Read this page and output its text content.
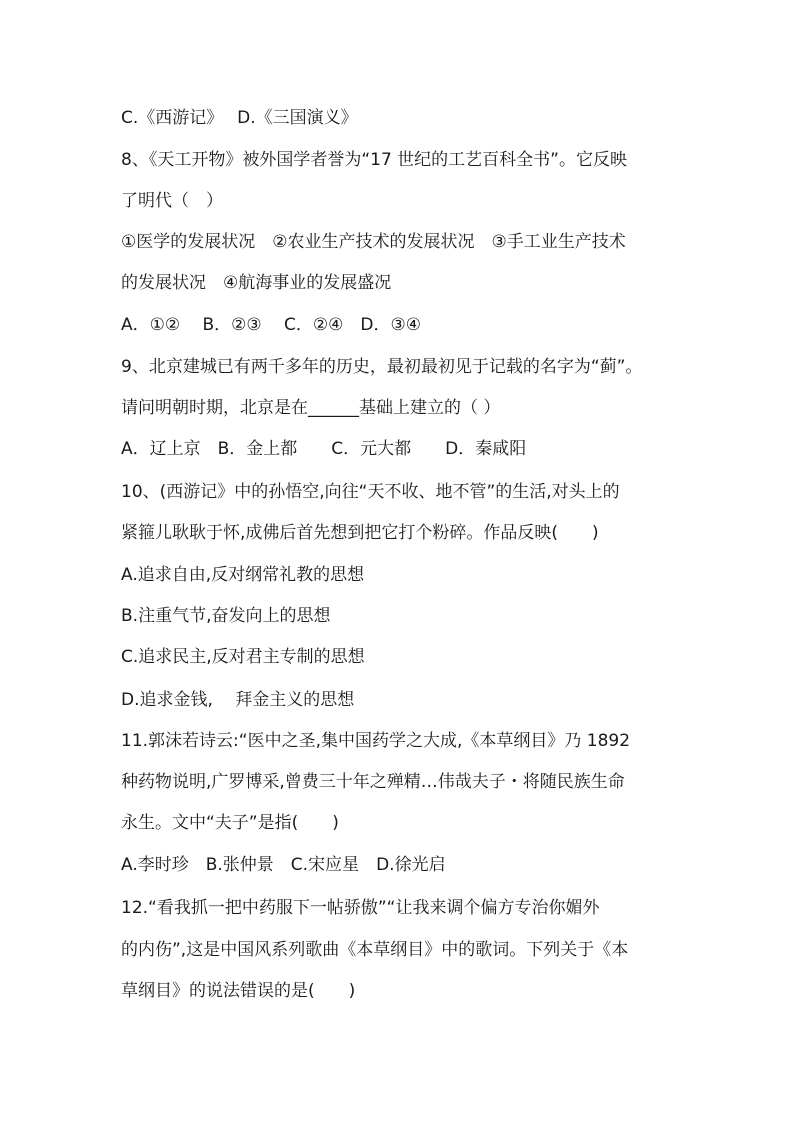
C.《西游记》　 D.《三国演义》
8、《天工开物》被外国学者誉为“17 世纪的工艺百科全书”。它反映
了明代（　）
①医学的发展状况　②农业生产技术的发展状况　③手工业生产技术
的发展状况　④航海事业的发展盛况
A．①②　 B．②③　 C．②④　D．③④
9、北京建城已有两千多年的历史，最初最初见于记载的名字为“蓟”。
请问明朝时期，北京是在______基础上建立的（ ）
A．辽上京　B．金上都　　C．元大都　　D．秦咸阳
10、(西游记》中的孙悟空,向往“天不收、地不管”的生活,对头上的
紧箍儿耿耿于怀,成佛后首先想到把它打个粉碎。作品反映(　　)
A.追求自由,反对纲常礼教的思想
B.注重气节,奋发向上的思想
C.追求民主,反对君主专制的思想
D.追求金钱,　 拜金主义的思想
11.郭沫若诗云:“医中之圣,集中国药学之大成,《本草纲目》乃 1892
种药物说明,广罗博采,曾费三十年之殚精…伟哉夫子・将随民族生命
永生。文中“夫子”是指(　　)
A.李时珍　B.张仲景　C.宋应星　D.徐光启
12.“看我抓一把中药服下一帖骄傲”“让我来调个偏方专治你媚外
的内伤”,这是中国风系列歌曲《本草纲目》中的歌词。下列关于《本
草纲目》的说法错误的是(　　)
